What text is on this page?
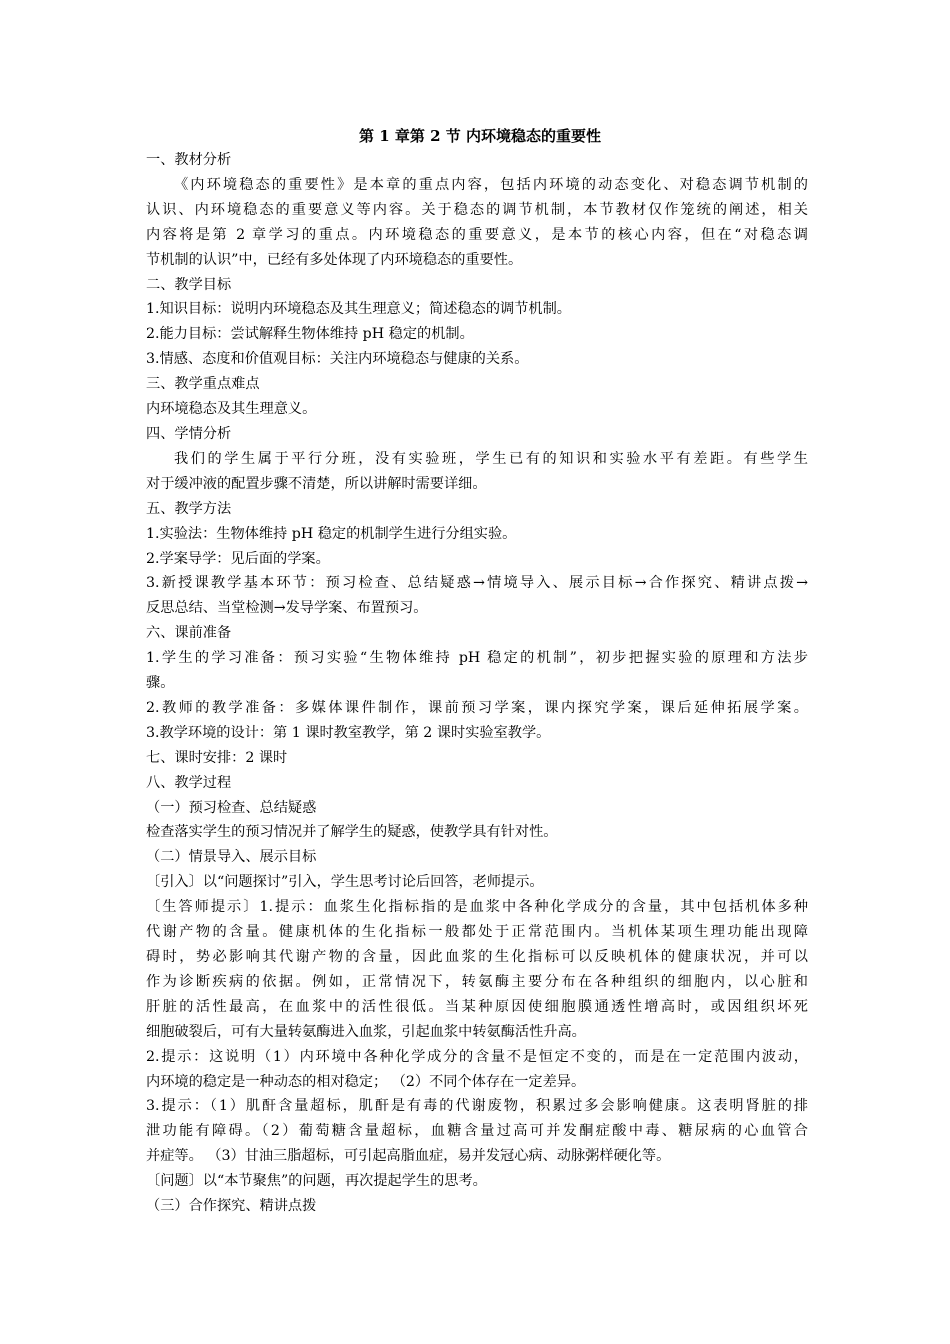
第 1 章第 2 节 内环境稳态的重要性

一、教材分析

《内环境稳态的重要性》是本章的重点内容，包括内环境的动态变化、对稳态调节机制的

认识、内环境稳态的重要意义等内容。关于稳态的调节机制，本节教材仅作笼统的阐述，相关

内容将是第 2 章学习的重点。内环境稳态的重要意义，是本节的核心内容，但在“对稳态调

节机制的认识”中，已经有多处体现了内环境稳态的重要性。

二、教学目标

1.知识目标：说明内环境稳态及其生理意义；简述稳态的调节机制。

2.能力目标：尝试解释生物体维持 pH 稳定的机制。

3.情感、态度和价值观目标：关注内环境稳态与健康的关系。

三、教学重点难点

内环境稳态及其生理意义。

四、学情分析

我们的学生属于平行分班，没有实验班，学生已有的知识和实验水平有差距。有些学生

对于缓冲液的配置步骤不清楚，所以讲解时需要详细。

五、教学方法

1.实验法：生物体维持 pH 稳定的机制学生进行分组实验。

2.学案导学：见后面的学案。

3.新授课教学基本环节：预习检查、总结疑惑→情境导入、展示目标→合作探究、精讲点拨→

反思总结、当堂检测→发导学案、布置预习。

六、课前准备

1.学生的学习准备：预习实验“生物体维持 pH 稳定的机制”，初步把握实验的原理和方法步

骤。

2.教师的教学准备：多媒体课件制作，课前预习学案，课内探究学案，课后延伸拓展学案。

3.教学环境的设计：第 1 课时教室教学，第 2 课时实验室教学。

七、课时安排：2 课时

八、教学过程

（一）预习检查、总结疑惑

检查落实学生的预习情况并了解学生的疑惑，使教学具有针对性。

（二）情景导入、展示目标

〔引入〕以“问题探讨”引入，学生思考讨论后回答，老师提示。

〔生答师提示〕1.提示：血浆生化指标指的是血浆中各种化学成分的含量，其中包括机体多种

代谢产物的含量。健康机体的生化指标一般都处于正常范围内。当机体某项生理功能出现障

碍时，势必影响其代谢产物的含量，因此血浆的生化指标可以反映机体的健康状况，并可以

作为诊断疾病的依据。例如，正常情况下，转氨酶主要分布在各种组织的细胞内，以心脏和

肝脏的活性最高，在血浆中的活性很低。当某种原因使细胞膜通透性增高时，或因组织坏死

细胞破裂后，可有大量转氨酶进入血浆，引起血浆中转氨酶活性升高。

2.提示：这说明（1）内环境中各种化学成分的含量不是恒定不变的，而是在一定范围内波动，

内环境的稳定是一种动态的相对稳定； （2）不同个体存在一定差异。

3.提示：（1）肌酐含量超标，肌酐是有毒的代谢废物，积累过多会影响健康。这表明肾脏的排

泄功能有障碍。（2）葡萄糖含量超标，血糖含量过高可并发酮症酸中毒、糖尿病的心血管合

并症等。 （3）甘油三脂超标，可引起高脂血症，易并发冠心病、动脉粥样硬化等。

〔问题〕以“本节聚焦”的问题，再次提起学生的思考。

（三）合作探究、精讲点拨
